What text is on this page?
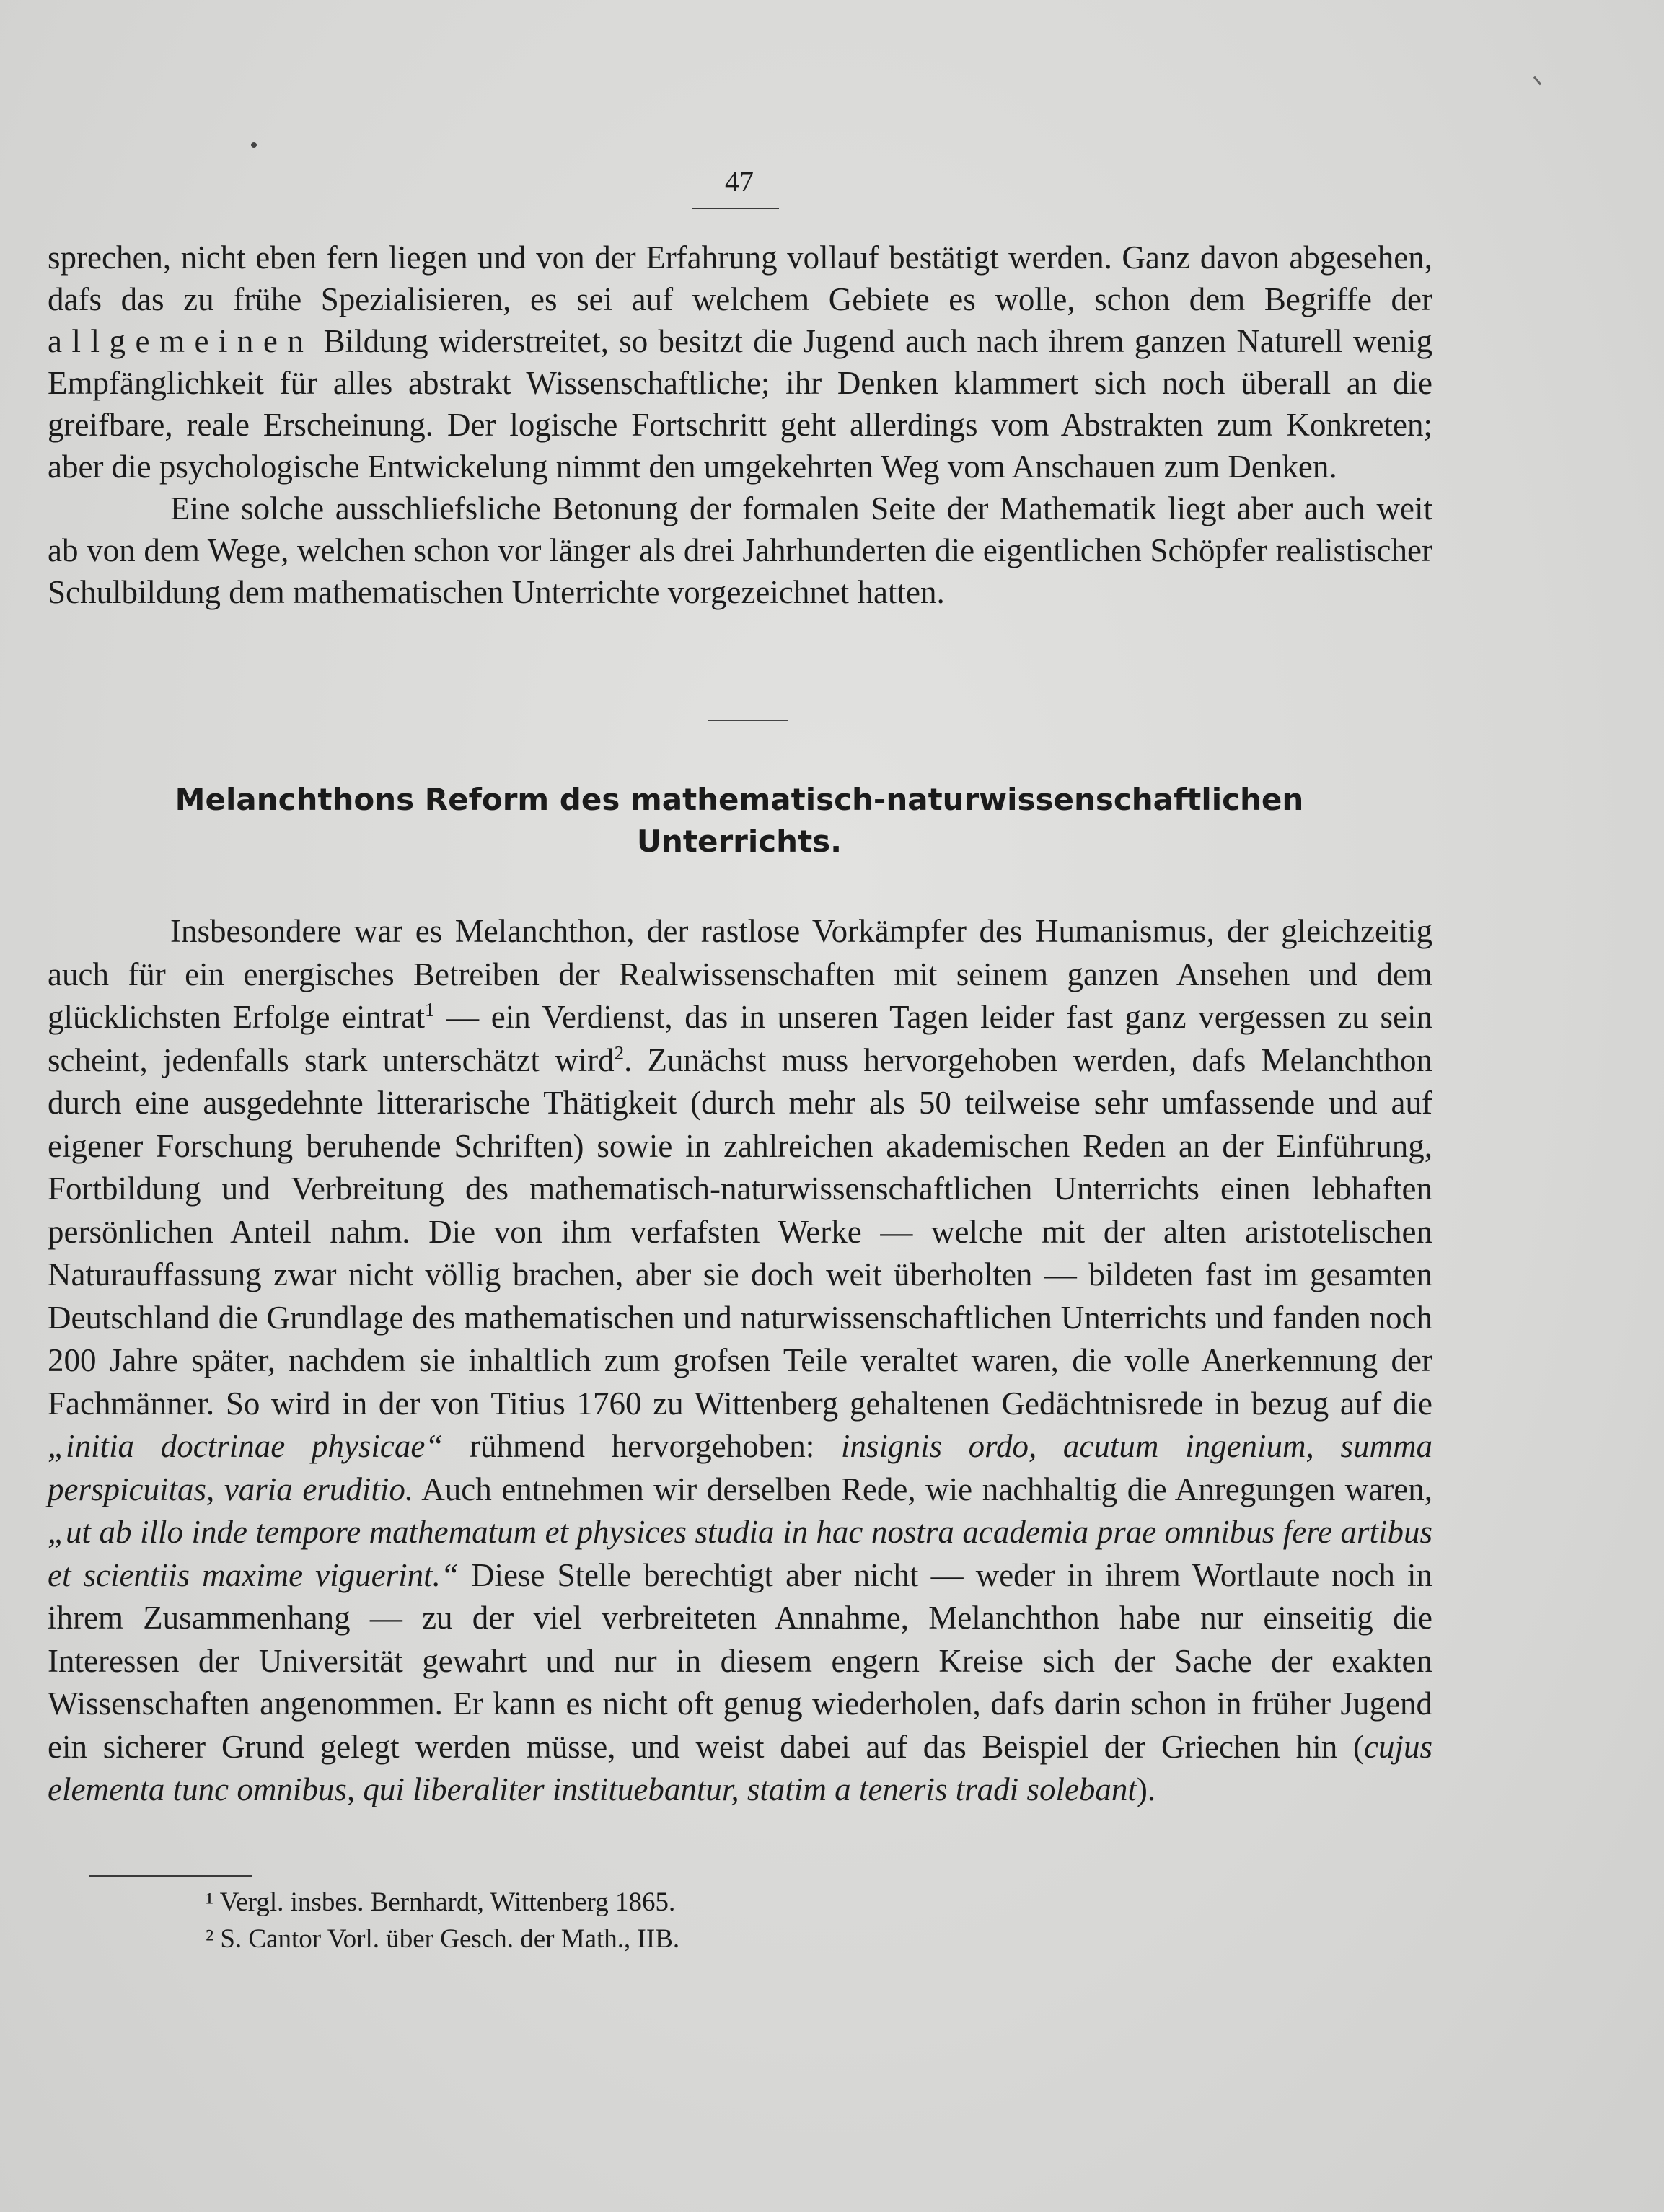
47

sprechen, nicht eben fern liegen und von der Erfahrung vollauf bestätigt werden. Ganz davon abgesehen, dafs das zu frühe Spezialisieren, es sei auf welchem Gebiete es wolle, schon dem Begriffe der allgemeinen Bildung widerstreitet, so besitzt die Jugend auch nach ihrem ganzen Naturell wenig Empfänglichkeit für alles abstrakt Wissenschaftliche; ihr Denken klammert sich noch überall an die greifbare, reale Erscheinung. Der logische Fortschritt geht allerdings vom Abstrakten zum Konkreten; aber die psychologische Entwickelung nimmt den umgekehrten Weg vom Anschauen zum Denken.

Eine solche ausschliefsliche Betonung der formalen Seite der Mathematik liegt aber auch weit ab von dem Wege, welchen schon vor länger als drei Jahrhunderten die eigentlichen Schöpfer realistischer Schulbildung dem mathematischen Unterrichte vorgezeichnet hatten.

Melanchthons Reform des mathematisch-naturwissenschaftlichen
Unterrichts.

Insbesondere war es Melanchthon, der rastlose Vorkämpfer des Humanismus, der gleichzeitig auch für ein energisches Betreiben der Realwissenschaften mit seinem ganzen Ansehen und dem glücklichsten Erfolge eintrat$^1$ — ein Verdienst, das in unseren Tagen leider fast ganz vergessen zu sein scheint, jedenfalls stark unterschätzt wird$^2$. Zunächst muss hervorgehoben werden, dafs Melanchthon durch eine ausgedehnte litterarische Thätigkeit (durch mehr als 50 teilweise sehr umfassende und auf eigener Forschung beruhende Schriften) sowie in zahlreichen akademischen Reden an der Einführung, Fortbildung und Verbreitung des mathematisch-naturwissenschaftlichen Unterrichts einen lebhaften persönlichen Anteil nahm. Die von ihm verfafsten Werke — welche mit der alten aristotelischen Naturauffassung zwar nicht völlig brachen, aber sie doch weit überholten — bildeten fast im gesamten Deutschland die Grundlage des mathematischen und naturwissenschaftlichen Unterrichts und fanden noch 200 Jahre später, nachdem sie inhaltlich zum grofsen Teile veraltet waren, die volle Anerkennung der Fachmänner. So wird in der von Titius 1760 zu Wittenberg gehaltenen Gedächtnisrede in bezug auf die „initia doctrinae physicae“ rühmend hervorgehoben: insignis ordo, acutum ingenium, summa perspicuitas, varia eruditio. Auch entnehmen wir derselben Rede, wie nachhaltig die Anregungen waren, „ut ab illo inde tempore mathematum et physices studia in hac nostra academia prae omnibus fere artibus et scientiis maxime viguerint.“ Diese Stelle berechtigt aber nicht — weder in ihrem Wortlaute noch in ihrem Zusammenhang — zu der viel verbreiteten Annahme, Melanchthon habe nur einseitig die Interessen der Universität gewahrt und nur in diesem engern Kreise sich der Sache der exakten Wissenschaften angenommen. Er kann es nicht oft genug wiederholen, dafs darin schon in früher Jugend ein sicherer Grund gelegt werden müsse, und weist dabei auf das Beispiel der Griechen hin (cujus elementa tunc omnibus, qui liberaliter instituebantur, statim a teneris tradi solebant).

¹ Vergl. insbes. Bernhardt, Wittenberg 1865.
² S. Cantor Vorl. über Gesch. der Math., IIB.
